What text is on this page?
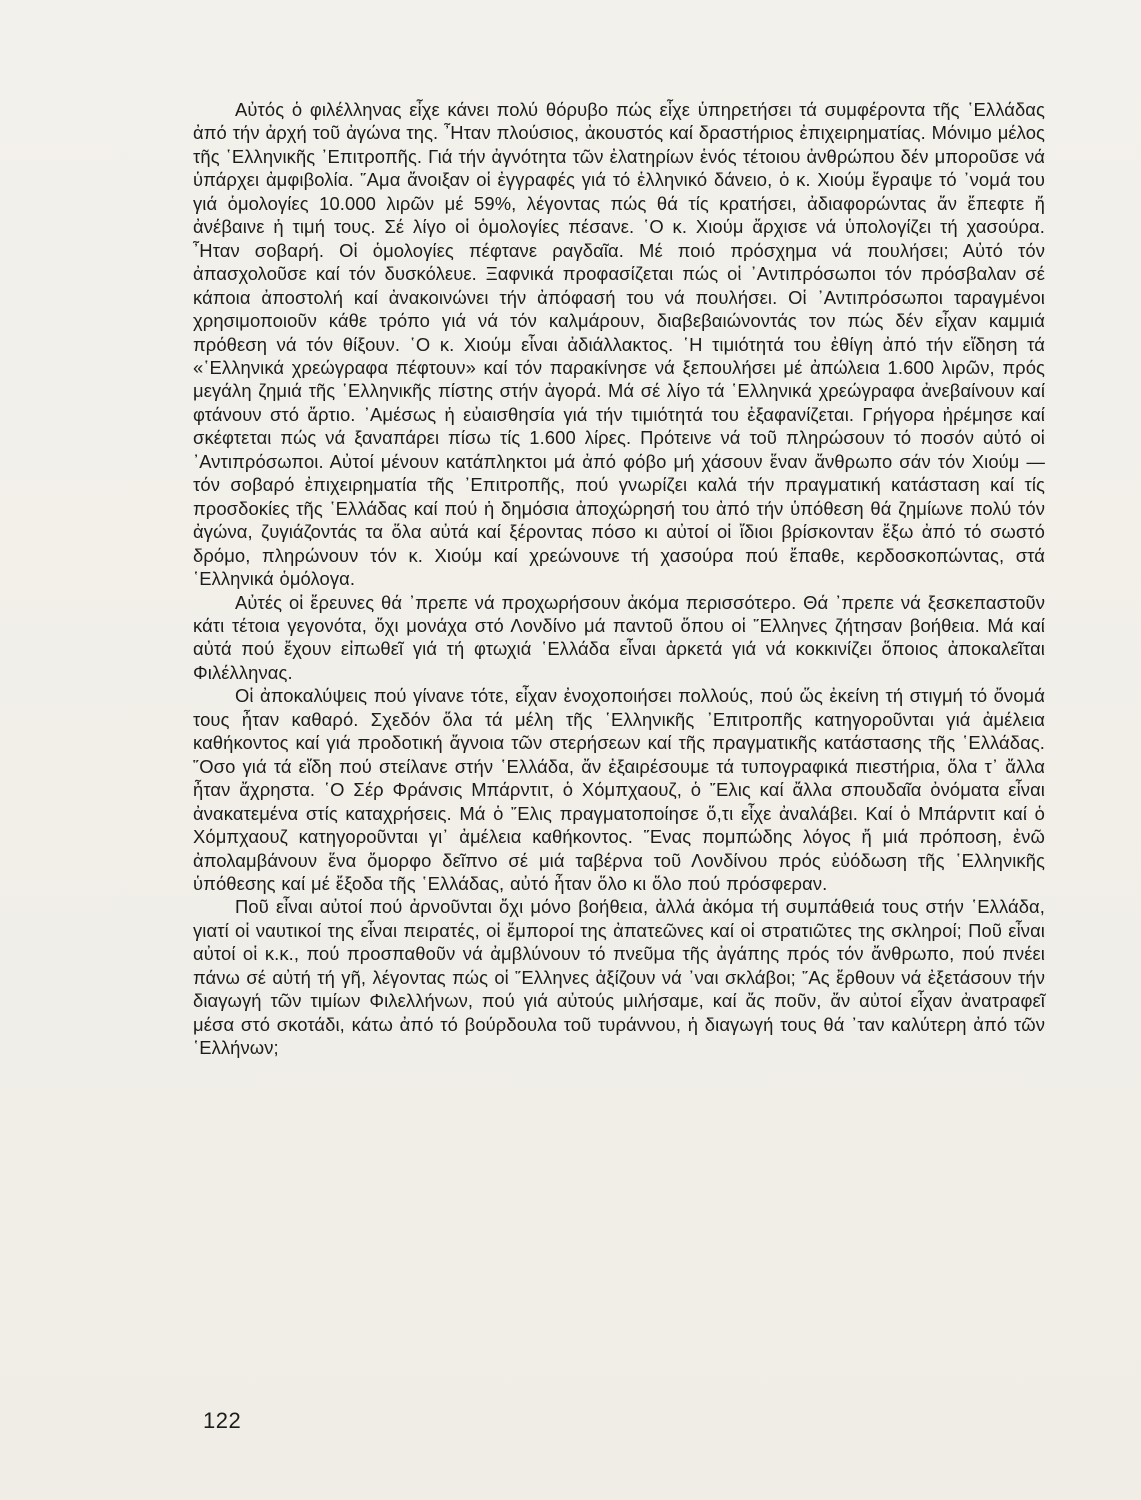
Αὐτός ὁ φιλέλληνας εἶχε κάνει πολύ θόρυβο πώς εἶχε ὑπηρετήσει τά συμφέροντα τῆς ῾Ελλάδας ἀπό τήν ἀρχή τοῦ ἀγώνα της. ῏Ηταν πλούσιος, ἀκουστός καί δραστήριος ἐπιχειρηματίας. Μόνιμο μέλος τῆς ῾Ελληνικῆς ᾿Επιτροπῆς. Γιά τήν ἀγνότητα τῶν ἐλατηρίων ἑνός τέτοιου ἀνθρώπου δέν μποροῦσε νά ὑπάρχει ἀμφιβολία. ῞Αμα ἄνοιξαν οἱ ἐγγραφές γιά τό ἑλληνικό δάνειο, ὁ κ. Χιούμ ἔγραψε τό ᾿νομά του γιά ὁμολογίες 10.000 λιρῶν μέ 59%, λέγοντας πώς θά τίς κρατήσει, ἀδιαφορώντας ἄν ἔπεφτε ἤ ἀνέβαινε ἡ τιμή τους. Σέ λίγο οἱ ὁμολογίες πέσανε. ῾Ο κ. Χιούμ ἄρχισε νά ὑπολογίζει τή χασούρα. ῏Ηταν σοβαρή. Οἱ ὁμολογίες πέφτανε ραγδαῖα. Μέ ποιό πρόσχημα νά πουλήσει; Αὐτό τόν ἀπασχολοῦσε καί τόν δυσκόλευε. Ξαφνικά προφασίζεται πώς οἱ ᾿Αντιπρόσωποι τόν πρόσβαλαν σέ κάποια ἀποστολή καί ἀνακοινώνει τήν ἀπόφασή του νά πουλήσει. Οἱ ᾿Αντιπρόσωποι ταραγμένοι χρησιμοποιοῦν κάθε τρόπο γιά νά τόν καλμάρουν, διαβεβαιώνοντάς τον πώς δέν εἶχαν καμμιά πρόθεση νά τόν θίξουν. ῾Ο κ. Χιούμ εἶναι ἀδιάλλακτος. ῾Η τιμιότητά του ἐθίγη ἀπό τήν εἴδηση τά «῾Ελληνικά χρεώγραφα πέφτουν» καί τόν παρακίνησε νά ξεπουλήσει μέ ἀπώλεια 1.600 λιρῶν, πρός μεγάλη ζημιά τῆς ῾Ελληνικῆς πίστης στήν ἀγορά. Μά σέ λίγο τά ῾Ελληνικά χρεώγραφα ἀνεβαίνουν καί φτάνουν στό ἄρτιο. ᾿Αμέσως ἡ εὐαισθησία γιά τήν τιμιότητά του ἐξαφανίζεται. Γρήγορα ἠρέμησε καί σκέφτεται πώς νά ξαναπάρει πίσω τίς 1.600 λίρες. Πρότεινε νά τοῦ πληρώσουν τό ποσόν αὐτό οἱ ᾿Αντιπρόσωποι. Αὐτοί μένουν κατάπληκτοι μά ἀπό φόβο μή χάσουν ἕναν ἄνθρωπο σάν τόν Χιούμ — τόν σοβαρό ἐπιχειρηματία τῆς ᾿Επιτροπῆς, πού γνωρίζει καλά τήν πραγματική κατάσταση καί τίς προσδοκίες τῆς ῾Ελλάδας καί πού ἡ δημόσια ἀποχώρησή του ἀπό τήν ὑπόθεση θά ζημίωνε πολύ τόν ἀγώνα, ζυγιάζοντάς τα ὅλα αὐτά καί ξέροντας πόσο κι αὐτοί οἱ ἴδιοι βρίσκονταν ἔξω ἀπό τό σωστό δρόμο, πληρώνουν τόν κ. Χιούμ καί χρεώνουνε τή χασούρα πού ἔπαθε, κερδοσκοπώντας, στά ῾Ελληνικά ὁμόλογα.

Αὐτές οἱ ἔρευνες θά ᾿πρεπε νά προχωρήσουν ἀκόμα περισσότερο. Θά ᾿πρεπε νά ξεσκεπαστοῦν κάτι τέτοια γεγονότα, ὄχι μονάχα στό Λονδίνο μά παντοῦ ὅπου οἱ ῞Ελληνες ζήτησαν βοήθεια. Μά καί αὐτά πού ἔχουν εἰπωθεῖ γιά τή φτωχιά ῾Ελλάδα εἶναι ἀρκετά γιά νά κοκκινίζει ὅποιος ἀποκαλεῖται Φιλέλληνας.

Οἱ ἀποκαλύψεις πού γίνανε τότε, εἶχαν ἐνοχοποιήσει πολλούς, πού ὥς ἐκείνη τή στιγμή τό ὄνομά τους ἦταν καθαρό. Σχεδόν ὅλα τά μέλη τῆς ῾Ελληνικῆς ᾿Επιτροπῆς κατηγοροῦνται γιά ἀμέλεια καθήκοντος καί γιά προδοτική ἄγνοια τῶν στερήσεων καί τῆς πραγματικῆς κατάστασης τῆς ῾Ελλάδας. ῞Οσο γιά τά εἴδη πού στείλανε στήν ῾Ελλάδα, ἄν ἐξαιρέσουμε τά τυπογραφικά πιεστήρια, ὅλα τ᾿ ἄλλα ἦταν ἄχρηστα. ῾Ο Σέρ Φράνσις Μπάρντιτ, ὁ Χόμπχαουζ, ὁ ῎Ελις καί ἄλλα σπουδαῖα ὀνόματα εἶναι ἀνακατεμένα στίς καταχρήσεις. Μά ὁ ῎Ελις πραγματοποίησε ὅ,τι εἶχε ἀναλάβει. Καί ὁ Μπάρντιτ καί ὁ Χόμπχαουζ κατηγοροῦνται γι᾿ ἀμέλεια καθήκοντος. ῞Ενας πομπώδης λόγος ἤ μιά πρόποση, ἐνῶ ἀπολαμβάνουν ἕνα ὄμορφο δεῖπνο σέ μιά ταβέρνα τοῦ Λονδίνου πρός εὐόδωση τῆς ῾Ελληνικῆς ὑπόθεσης καί μέ ἔξοδα τῆς ῾Ελλάδας, αὐτό ἦταν ὅλο κι ὅλο πού πρόσφεραν.

Ποῦ εἶναι αὐτοί πού ἀρνοῦνται ὄχι μόνο βοήθεια, ἀλλά ἀκόμα τή συμπάθειά τους στήν ῾Ελλάδα, γιατί οἱ ναυτικοί της εἶναι πειρατές, οἱ ἔμποροί της ἀπατεῶνες καί οἱ στρατιῶτες της σκληροί; Ποῦ εἶναι αὐτοί οἱ κ.κ., πού προσπαθοῦν νά ἀμβλύνουν τό πνεῦμα τῆς ἀγάπης πρός τόν ἄνθρωπο, πού πνέει πάνω σέ αὐτή τή γῆ, λέγοντας πώς οἱ ῞Ελληνες ἀξίζουν νά ᾿ναι σκλάβοι; ῞Ας ἔρθουν νά ἐξετάσουν τήν διαγωγή τῶν τιμίων Φιλελλήνων, πού γιά αὐτούς μιλήσαμε, καί ἄς ποῦν, ἄν αὐτοί εἶχαν ἀνατραφεῖ μέσα στό σκοτάδι, κάτω ἀπό τό βούρδουλα τοῦ τυράννου, ἡ διαγωγή τους θά ᾿ταν καλύτερη ἀπό τῶν ῾Ελλήνων;

122
